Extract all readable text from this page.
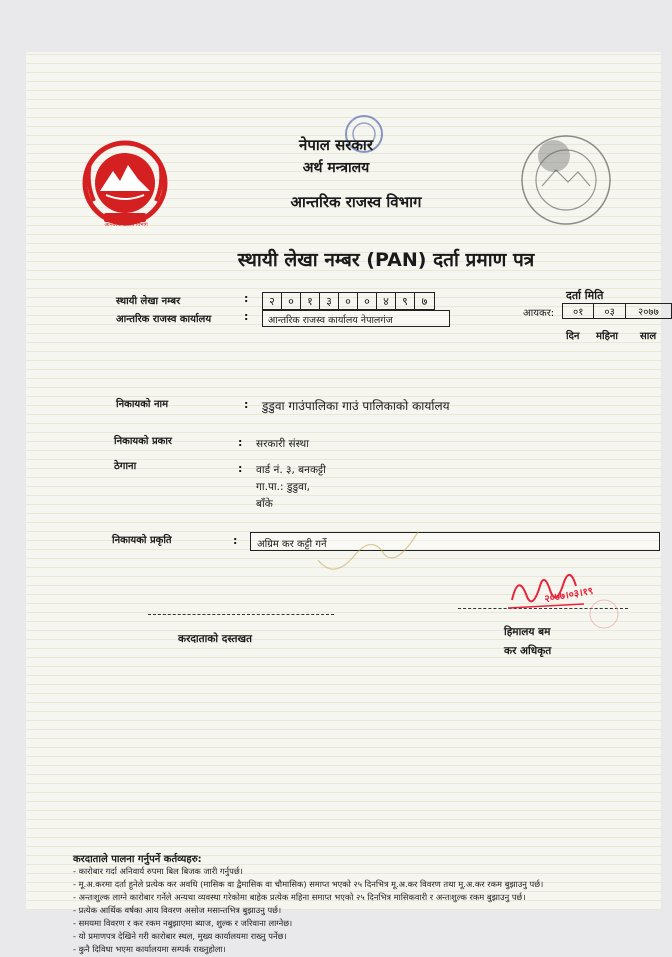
आन्तरिक राजस्व विभाग
नेपाल सरकार
अर्थ मन्त्रालय
आन्तरिक राजस्व विभाग
स्थायी लेखा नम्बर (PAN) दर्ता प्रमाण पत्र
स्थायी लेखा नम्बर	:	२	०	१	३	०	०	४	९	७
आन्तरिक राजस्व कार्यालय	:	आन्तरिक राजस्व कार्यालय नेपालगंज
दर्ता मिति
आयकर:	०१	०३	२०७७
दिन महिना साल
निकायको नाम	: डुडुवा गाउंपालिका गाउं पालिकाको कार्यालय
निकायको प्रकार	: सरकारी संस्था
ठेगाना	: वार्ड नं. ३, बनकट्टी
गा.पा.: डुडुवा,
बाँके
निकायको प्रकृति	:	अग्रिम कर कट्टी गर्ने
करदाताको दस्तखत
२०७७।०३।१९
हिमालय बम
कर अधिकृत
करदाताले पालना गर्नुपर्ने कर्तव्यहरु:
- कारोबार गर्दा अनिवार्य रुपमा बिल बिजक जारी गर्नुपर्छ।
- मू.अ.करमा दर्ता हुनेले प्रत्येक कर अवधि (मासिक वा द्वैमासिक वा चौमासिक) समाप्त भएको २५ दिनभित्र मू.अ.कर विवरण तथा मू.अ.कर रकम बुझाउनु पर्छ।
- अन्तःशुल्क लाग्ने कारोबार गर्नेले अन्यथा व्यवस्था गरेकोमा बाहेक प्रत्येक महिना समाप्त भएको २५ दिनभित्र मासिकवारी र अन्तःशुल्क रकम बुझाउनु पर्छ।
- प्रत्येक आर्थिक वर्षका आय विवरण असोज मसान्तभित्र बुझाउनु पर्छ।
- समयमा विवरण र कर रकम नबुझाएमा ब्याज, शुल्क र जरिवाना लाग्नेछ।
- यो प्रमाणपत्र देखिने गरी कारोबार स्थल, मुख्य कार्यालयमा राख्नु पर्नेछ।
- कुनै दिविधा भएमा कार्यालयमा सम्पर्क राख्नुहोला।
